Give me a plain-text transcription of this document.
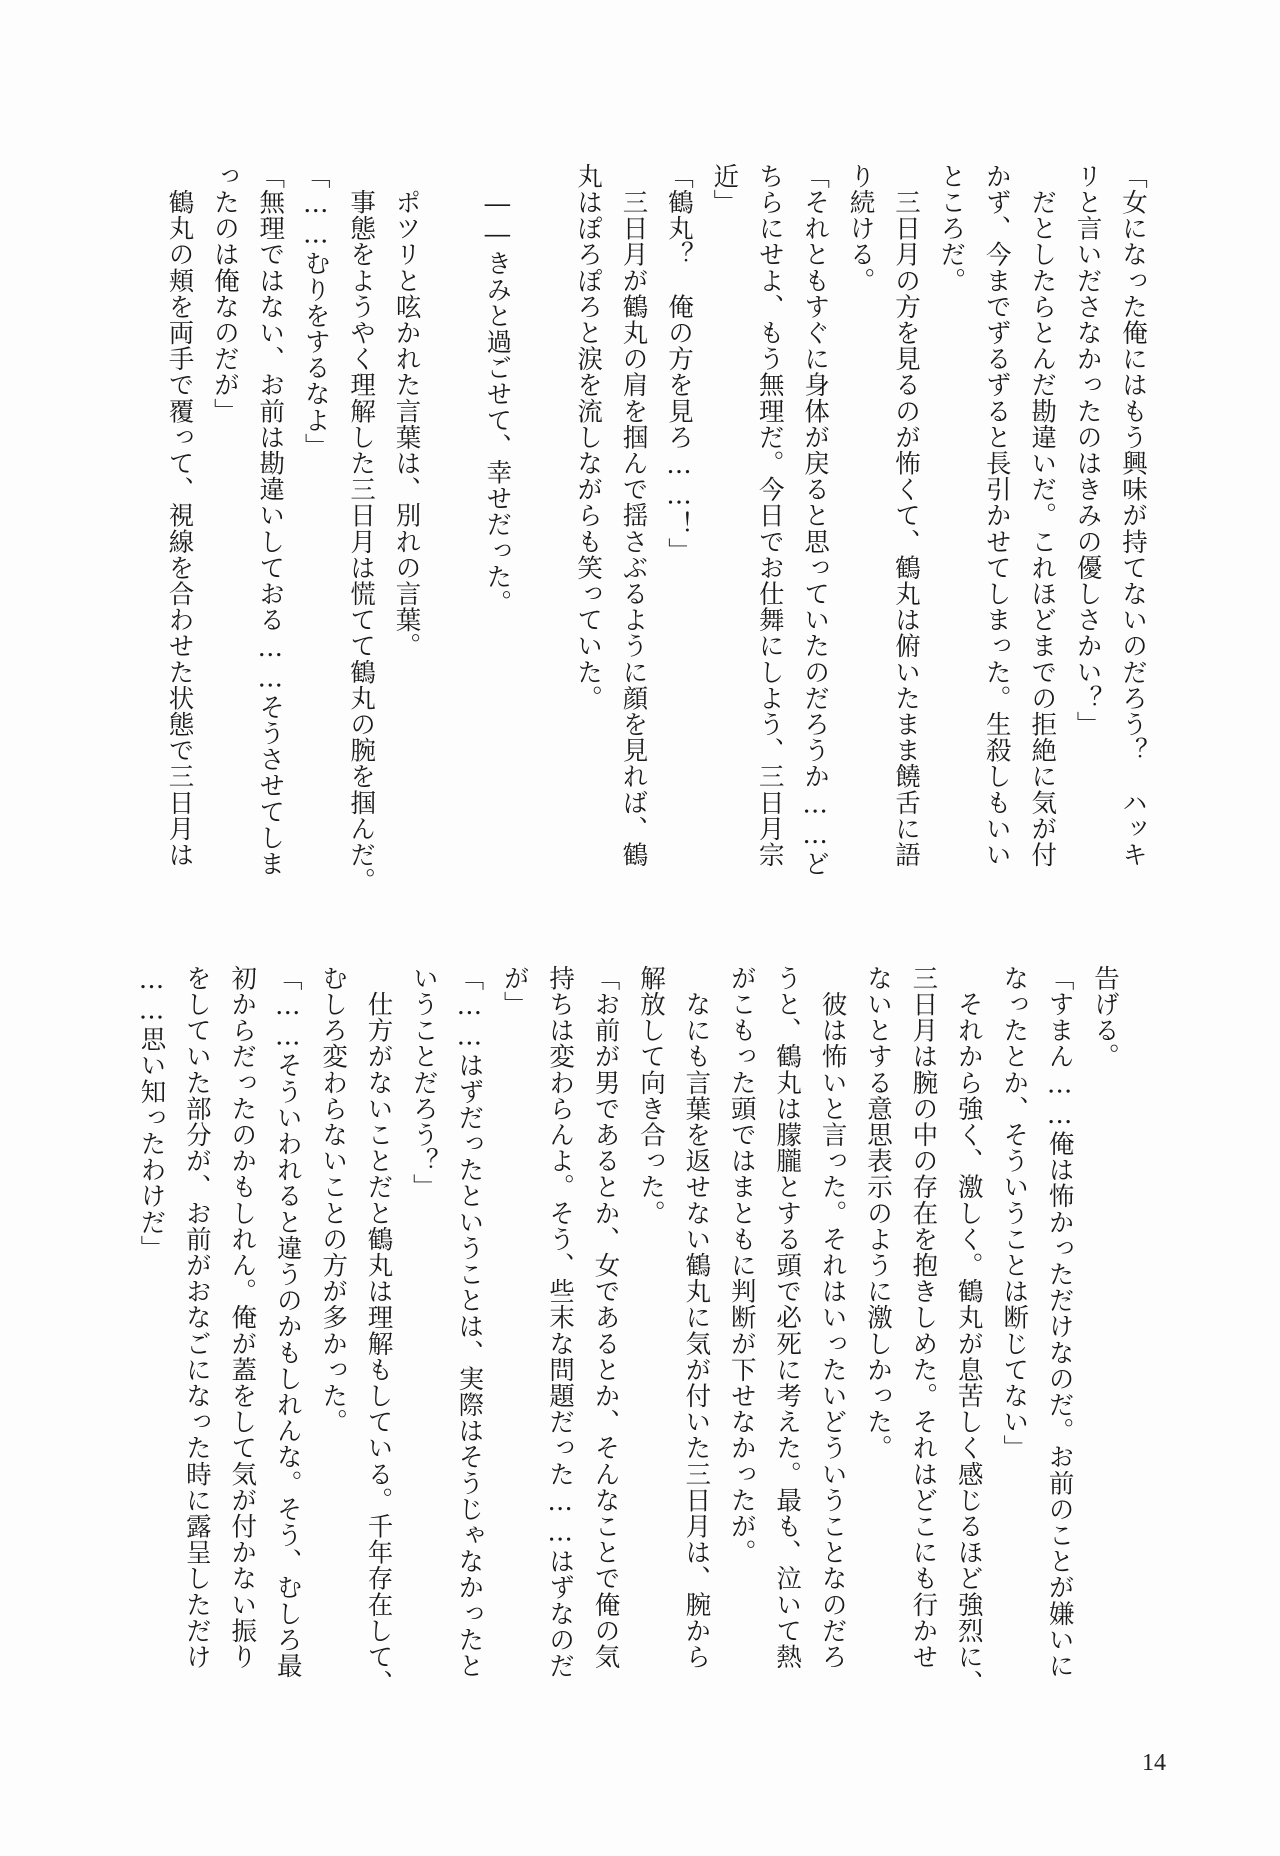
「女になった俺にはもう興味が持てないのだろう？　ハッキ
リと言いださなかったのはきみの優しさかい？」
　だとしたらとんだ勘違いだ。これほどまでの拒絶に気が付
かず、今までずるずると長引かせてしまった。生殺しもいい
ところだ。
　三日月の方を見るのが怖くて、鶴丸は俯いたまま饒舌に語
り続ける。
「それともすぐに身体が戻ると思っていたのだろうか……ど
ちらにせよ、もう無理だ。今日でお仕舞にしよう、三日月宗
近」
「鶴丸？　俺の方を見ろ……！」
　三日月が鶴丸の肩を掴んで揺さぶるように顔を見れば、鶴
丸はぽろぽろと涙を流しながらも笑っていた。

　――きみと過ごせて、幸せだった。

　ポツリと呟かれた言葉は、別れの言葉。
　事態をようやく理解した三日月は慌てて鶴丸の腕を掴んだ。
「……むりをするなよ」
「無理ではない、お前は勘違いしておる……そうさせてしま
ったのは俺なのだが」
　鶴丸の頬を両手で覆って、視線を合わせた状態で三日月は

告げる。
「すまん……俺は怖かっただけなのだ。お前のことが嫌いに
なったとか、そういうことは断じてない」
　それから強く、激しく。鶴丸が息苦しく感じるほど強烈に、
三日月は腕の中の存在を抱きしめた。それはどこにも行かせ
ないとする意思表示のように激しかった。
　彼は怖いと言った。それはいったいどういうことなのだろ
うと、鶴丸は朦朧とする頭で必死に考えた。最も、泣いて熱
がこもった頭ではまともに判断が下せなかったが。
　なにも言葉を返せない鶴丸に気が付いた三日月は、腕から
解放して向き合った。
「お前が男であるとか、女であるとか、そんなことで俺の気
持ちは変わらんよ。そう、些末な問題だった……はずなのだ
が」
「……はずだったということは、実際はそうじゃなかったと
いうことだろう？」
　仕方がないことだと鶴丸は理解もしている。千年存在して、
むしろ変わらないことの方が多かった。
「……そういわれると違うのかもしれんな。そう、むしろ最
初からだったのかもしれん。俺が蓋をして気が付かない振り
をしていた部分が、お前がおなごになった時に露呈しただけ
……思い知ったわけだ」

14
